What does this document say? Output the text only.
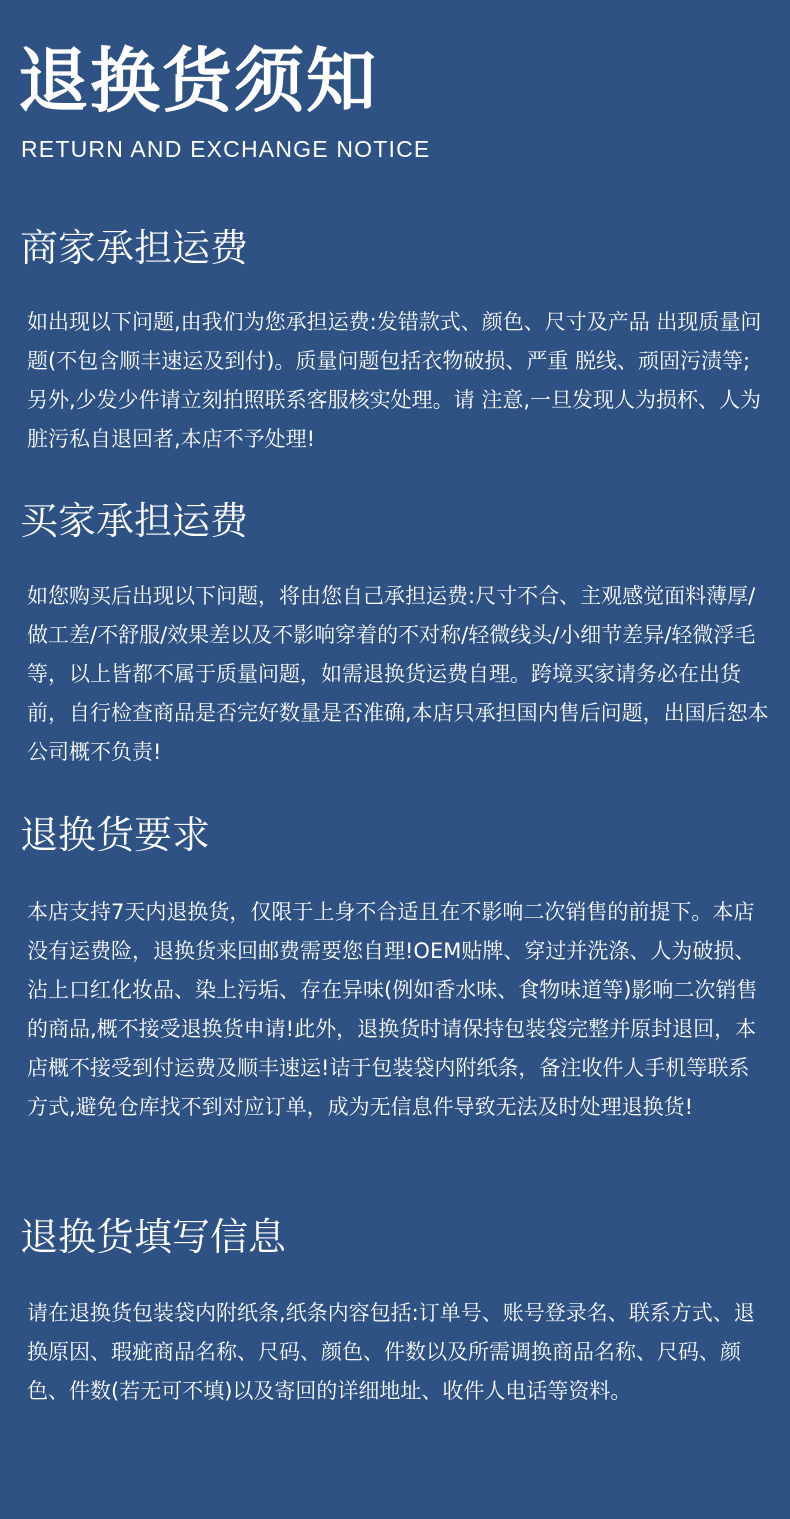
退换货须知
RETURN AND EXCHANGE NOTICE
商家承担运费

如出现以下问题,由我们为您承担运费:发错款式、颜色、尺寸及产品 出现质量问题(不包含顺丰速运及到付)。质量问题包括衣物破损、严重 脱线、顽固污渍等;另外,少发少件请立刻拍照联系客服核实处理。请 注意,一旦发现人为损杯、人为脏污私自退回者,本店不予处理!

买家承担运费

如您购买后出现以下问题，将由您自己承担运费:尺寸不合、主观感觉面料薄厚/做工差/不舒服/效果差以及不影响穿着的不对称/轻微线头/小细节差异/轻微浮毛等，以上皆都不属于质量问题，如需退换货运费自理。跨境买家请务必在出货前，自行检查商品是否完好数量是否准确,本店只承担国内售后问题，出国后恕本公司概不负责!

退换货要求

本店支持7天内退换货，仅限于上身不合适且在不影响二次销售的前提下。本店没有运费险，退换货来回邮费需要您自理!OEM贴牌、穿过并洗涤、人为破损、沾上口红化妆品、染上污垢、存在异味(例如香水味、食物味道等)影响二次销售的商品,概不接受退换货申请!此外，退换货时请保持包装袋完整并原封退回，本店概不接受到付运费及顺丰速运!诘于包装袋内附纸条，备注收件人手机等联系方式,避免仓库找不到对应订单，成为无信息件导致无法及时处理退换货!

退换货填写信息

请在退换货包装袋内附纸条,纸条内容包括:订单号、账号登录名、联系方式、退换原因、瑕疵商品名称、尺码、颜色、件数以及所需调换商品名称、尺码、颜色、件数(若无可不填)以及寄回的详细地址、收件人电话等资料。
